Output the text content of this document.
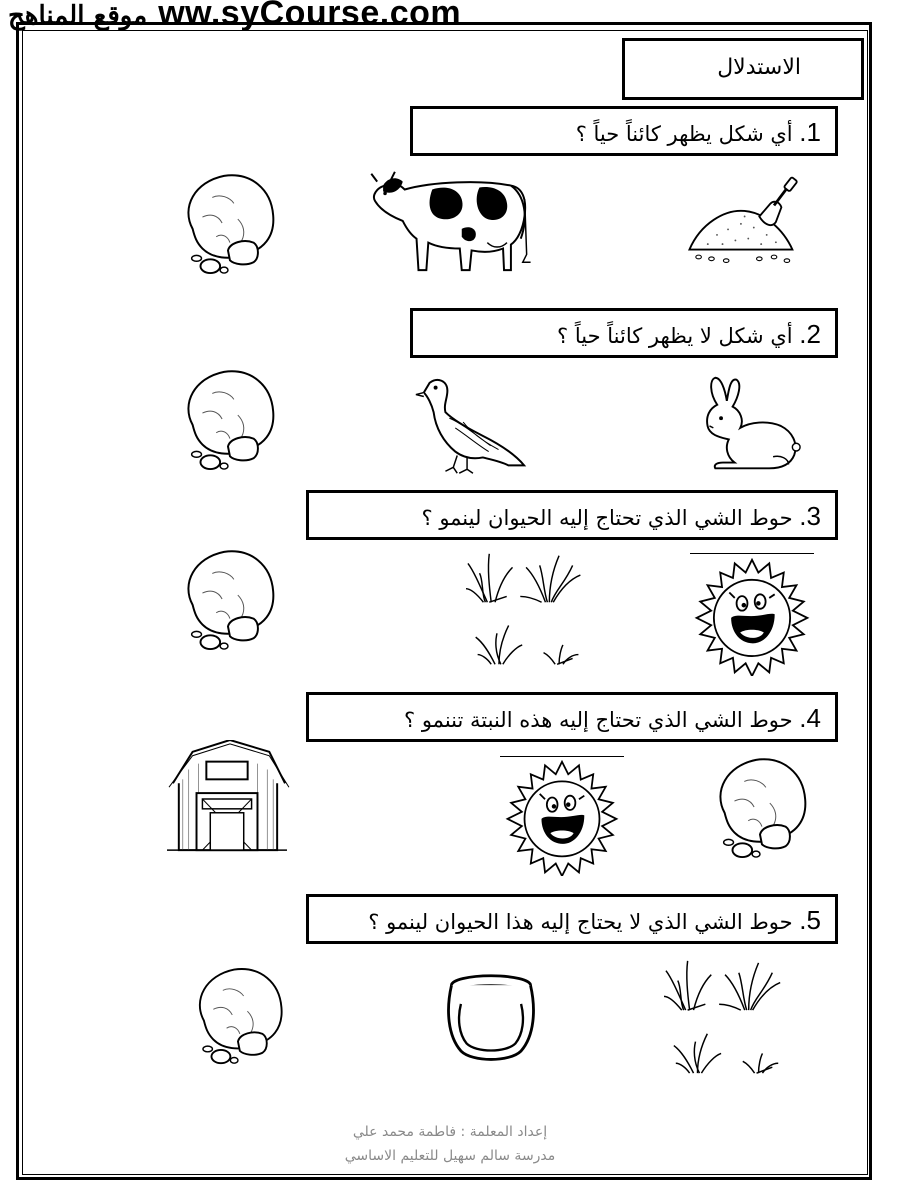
موقع المناهج ww.syCourse.com
الاستدلال
1. أي شكل يظهر كائناً حياً ؟
2. أي شكل لا يظهر كائناً حياً ؟
3. حوط الشي الذي تحتاج إليه الحيوان لينمو ؟
4. حوط الشي الذي تحتاج إليه هذه النبتة تننمو ؟
5. حوط الشي الذي لا يحتاج إليه هذا الحيوان لينمو ؟
إعداد المعلمة : فاطمة محمد علي
مدرسة سالم سهيل للتعليم الاساسي
